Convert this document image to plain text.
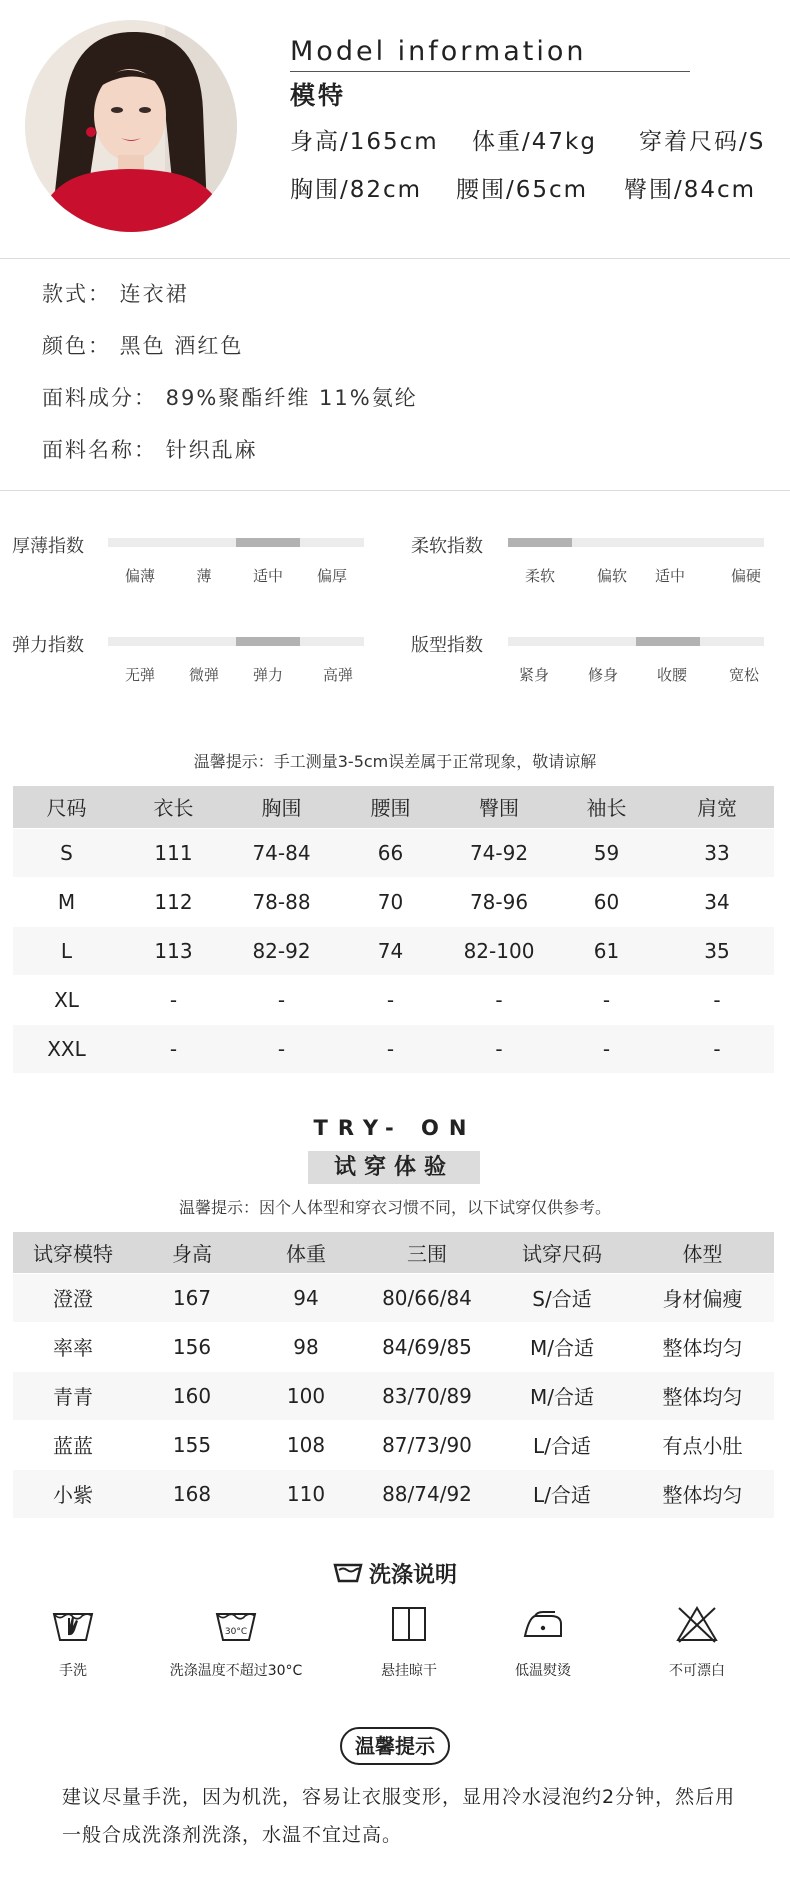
Model information
模特
身高/165cm 体重/47kg 穿着尺码/S
胸围/82cm 腰围/65cm 臀围/84cm
款式： 连衣裙
颜色： 黑色 酒红色
面料成分： 89%聚酯纤维 11%氨纶
面料名称： 针织乱麻
厚薄指数
偏薄	薄	适中	偏厚
柔软指数
柔软	偏软	适中	偏硬
弹力指数
无弹	微弹	弹力	高弹
版型指数
紧身	修身	收腰	宽松
温馨提示：手工测量3-5cm误差属于正常现象，敬请谅解
尺码	衣长	胸围	腰围	臀围	袖长	肩宽
S	111	74-84	66	74-92	59	33
M	112	78-88	70	78-96	60	34
L	113	82-92	74	82-100	61	35
XL	-	-	-	-	-	-
XXL	-	-	-	-	-	-
TRY- ON
试穿体验
温馨提示：因个人体型和穿衣习惯不同，以下试穿仅供参考。
试穿模特	身高	体重	三围	试穿尺码	体型
澄澄	167	94	80/66/84	S/合适	身材偏瘦
率率	156	98	84/69/85	M/合适	整体均匀
青青	160	100	83/70/89	M/合适	整体均匀
蓝蓝	155	108	87/73/90	L/合适	有点小肚
小紫	168	110	88/74/92	L/合适	整体均匀
洗涤说明
手洗
30°C
洗涤温度不超过30°C	悬挂晾干	低温熨烫	不可漂白
温馨提示
建议尽量手洗，因为机洗，容易让衣服变形，显用冷水浸泡约2分钟，然后用一般合成洗涤剂洗涤，水温不宜过高。
